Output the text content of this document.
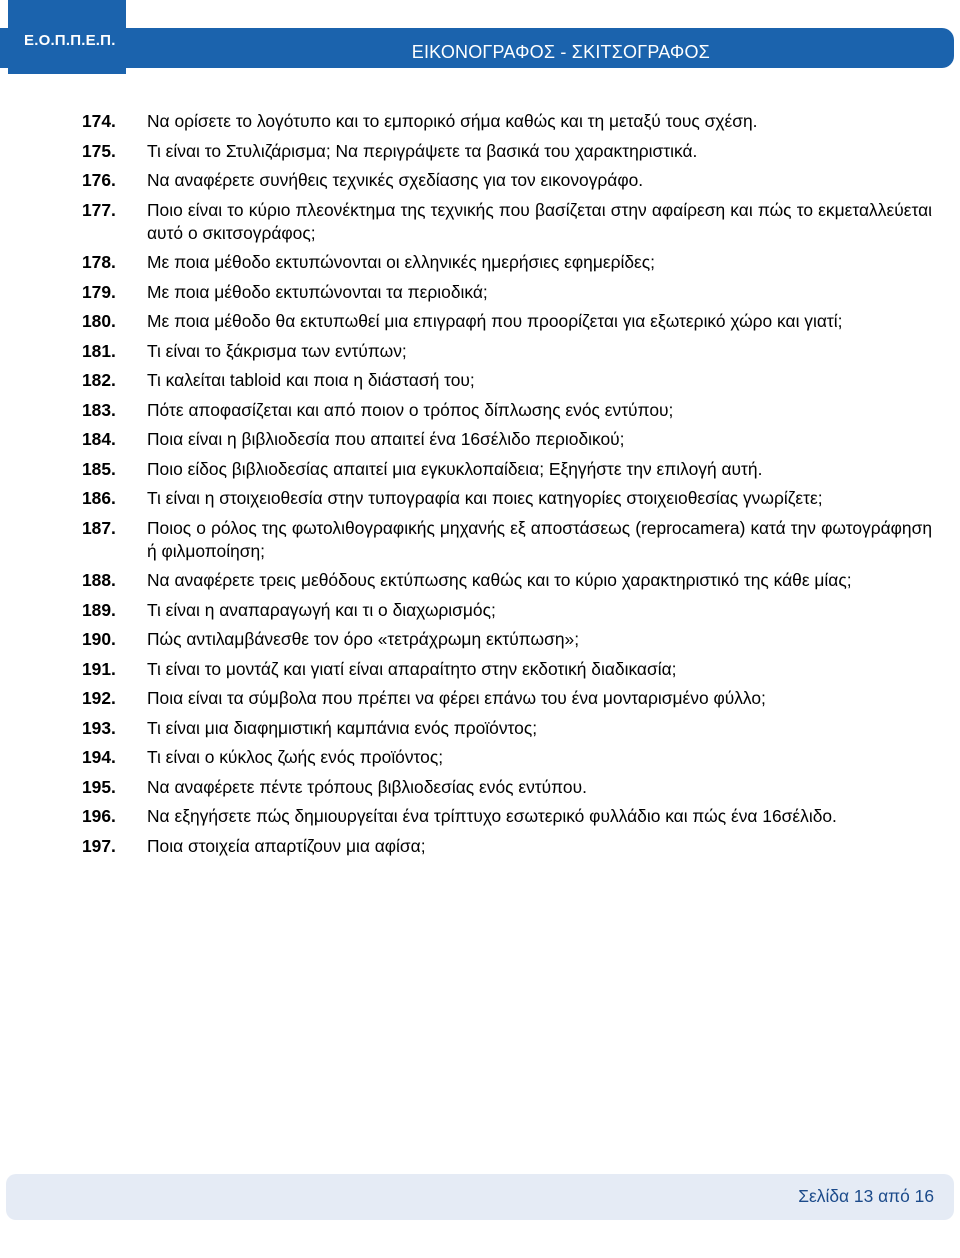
Ε.Ο.Π.Π.Ε.Π.
ΕΙΚΟΝΟΓΡΑΦΟΣ - ΣΚΙΤΣΟΓΡΑΦΟΣ
174.	Να ορίσετε το λογότυπο και το εμπορικό σήμα καθώς και τη μεταξύ τους σχέση.
175.	Τι είναι το Στυλιζάρισμα; Να περιγράψετε τα βασικά του χαρακτηριστικά.
176.	Να αναφέρετε συνήθεις τεχνικές σχεδίασης για τον εικονογράφο.
177.	Ποιο είναι το κύριο πλεονέκτημα της τεχνικής που βασίζεται στην αφαίρεση και πώς το εκμεταλλεύεται αυτό ο σκιτσογράφος;
178.	Με ποια μέθοδο εκτυπώνονται οι ελληνικές ημερήσιες εφημερίδες;
179.	Με ποια μέθοδο εκτυπώνονται τα περιοδικά;
180.	Με ποια μέθοδο θα εκτυπωθεί μια επιγραφή που προορίζεται για εξωτερικό χώρο και γιατί;
181.	Τι είναι το ξάκρισμα των εντύπων;
182.	Τι καλείται tabloid και ποια η διάστασή του;
183.	Πότε αποφασίζεται και από ποιον ο τρόπος δίπλωσης ενός εντύπου;
184.	Ποια είναι η βιβλιοδεσία που απαιτεί ένα 16σέλιδο περιοδικού;
185.	Ποιο είδος βιβλιοδεσίας απαιτεί μια εγκυκλοπαίδεια; Εξηγήστε την επιλογή αυτή.
186.	Τι είναι η στοιχειοθεσία στην τυπογραφία και ποιες κατηγορίες στοιχειοθεσίας γνωρίζετε;
187.	Ποιος ο ρόλος της φωτολιθογραφικής μηχανής εξ αποστάσεως (reprocamera) κατά την φωτογράφηση ή φιλμοποίηση;
188.	Να αναφέρετε τρεις μεθόδους εκτύπωσης καθώς και το κύριο χαρακτηριστικό της κάθε μίας;
189.	Τι είναι η αναπαραγωγή και τι ο διαχωρισμός;
190.	Πώς αντιλαμβάνεσθε τον όρο «τετράχρωμη εκτύπωση»;
191.	Τι είναι το μοντάζ και γιατί είναι απαραίτητο στην εκδοτική διαδικασία;
192.	Ποια είναι τα σύμβολα που πρέπει να φέρει επάνω του ένα μονταρισμένο φύλλο;
193.	Τι είναι μια διαφημιστική καμπάνια ενός προϊόντος;
194.	Τι είναι ο κύκλος ζωής ενός προϊόντος;
195.	Να αναφέρετε πέντε τρόπους βιβλιοδεσίας ενός εντύπου.
196.	Να εξηγήσετε πώς δημιουργείται ένα τρίπτυχο εσωτερικό φυλλάδιο και πώς ένα 16σέλιδο.
197.	Ποια στοιχεία απαρτίζουν μια αφίσα;
Σελίδα 13 από 16
